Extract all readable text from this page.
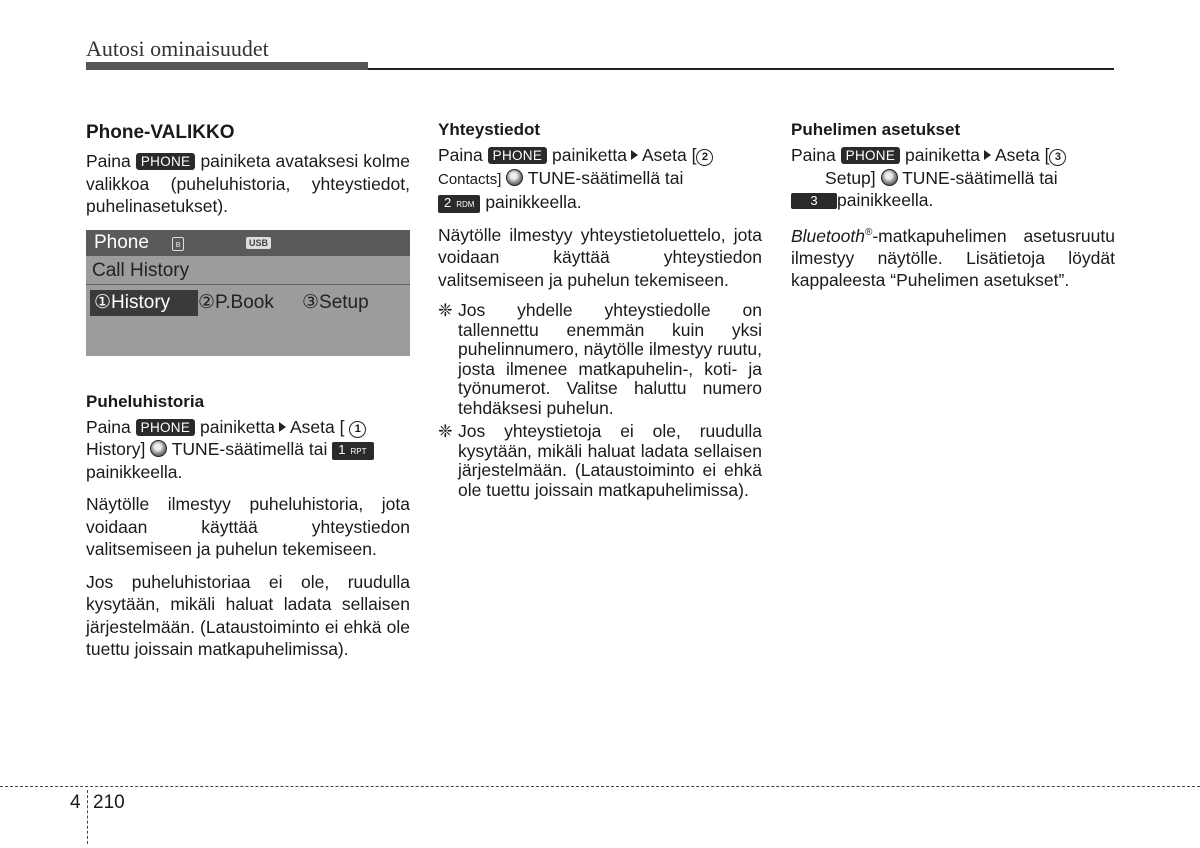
Autosi ominaisuudet
Phone-VALIKKO

Paina PHONE painiketa avataksesi kolme valikkoa (puheluhistoria, yhteystiedot, puhelinasetukset).

Phone	ʙ	USB
Call History
①History	②P.Book ③Setup
Puheluhistoria

Paina PHONE painiketta Aseta [ 1
History] TUNE-säätimellä tai 1 RPT
painikkeella.

Näytölle ilmestyy puheluhistoria, jota voidaan käyttää yhteystiedon valitsemiseen ja puhelun tekemiseen.

Jos puheluhistoriaa ei ole, ruudulla kysytään, mikäli haluat ladata sellaisen järjestelmään. (Lataustoiminto ei ehkä ole tuettu joissain matkapuhelimissa).

Yhteystiedot

Paina PHONE painiketta Aseta [ 2
Contacts] TUNE-säätimellä tai
2 RDM painikkeella.

Näytölle ilmestyy yhteystietoluettelo, jota voidaan käyttää yhteystiedon valitsemiseen ja puhelun tekemiseen.

❈ Jos yhdelle yhteystiedolle on tallennettu enemmän kuin yksi puhelinnumero, näytölle ilmestyy ruutu, josta ilmenee matkapuhelin-, koti- ja työnumerot. Valitse haluttu numero tehdäksesi puhelun.
❈ Jos yhteystietoja ei ole, ruudulla kysytään, mikäli haluat ladata sellaisen järjestelmään. (Lataustoiminto ei ehkä ole tuettu joissain matkapuhelimissa).
Puhelimen asetukset

Paina PHONE painiketta Aseta [ 3
Setup] TUNE-säätimellä tai
3 painikkeella.

Bluetooth®-matkapuhelimen asetusruutu ilmestyy näytölle. Lisätietoja löydät kappaleesta “Puhelimen asetukset”.

4 210
